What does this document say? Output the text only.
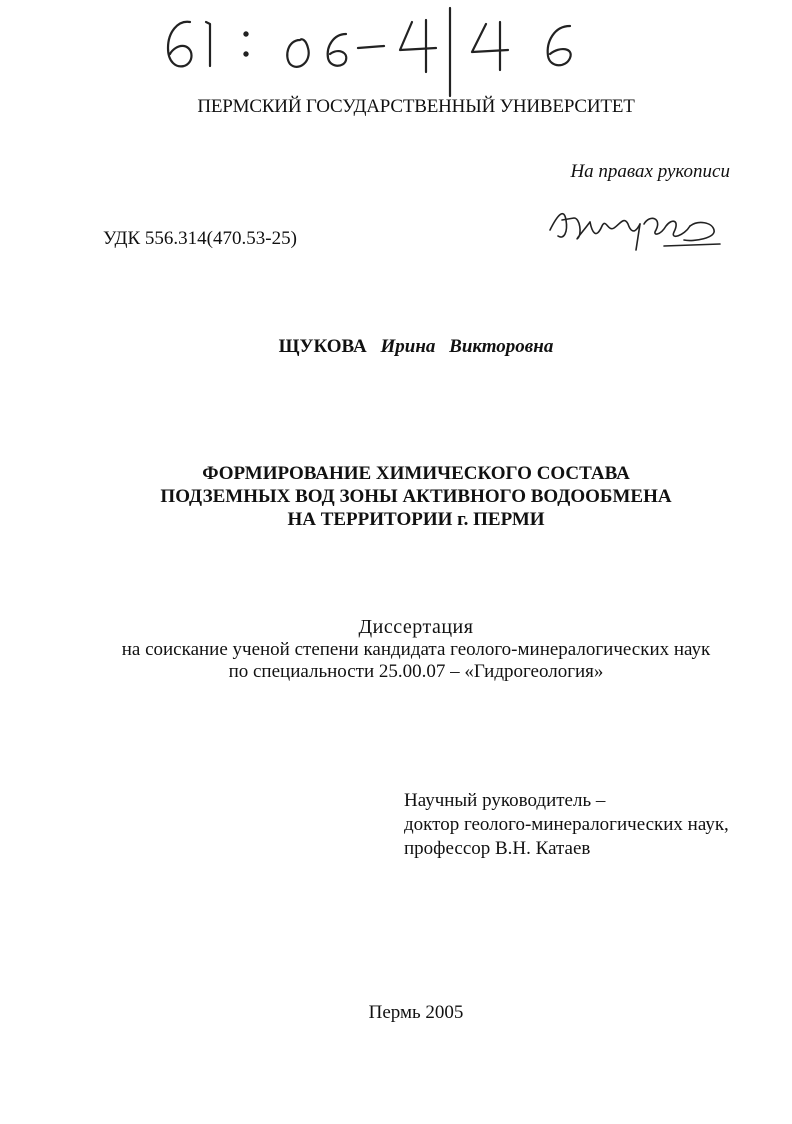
ПЕРМСКИЙ ГОСУДАРСТВЕННЫЙ УНИВЕРСИТЕТ
На правах рукописи
УДК 556.314(470.53-25)
ЩУКОВА Ирина Викторовна
ФОРМИРОВАНИЕ ХИМИЧЕСКОГО СОСТАВА
ПОДЗЕМНЫХ ВОД ЗОНЫ АКТИВНОГО ВОДООБМЕНА
НА ТЕРРИТОРИИ г. ПЕРМИ
Диссертация
на соискание ученой степени кандидата геолого-минералогических наук
по специальности 25.00.07 – «Гидрогеология»
Научный руководитель –
доктор геолого-минералогических наук,
профессор В.Н. Катаев
Пермь 2005
